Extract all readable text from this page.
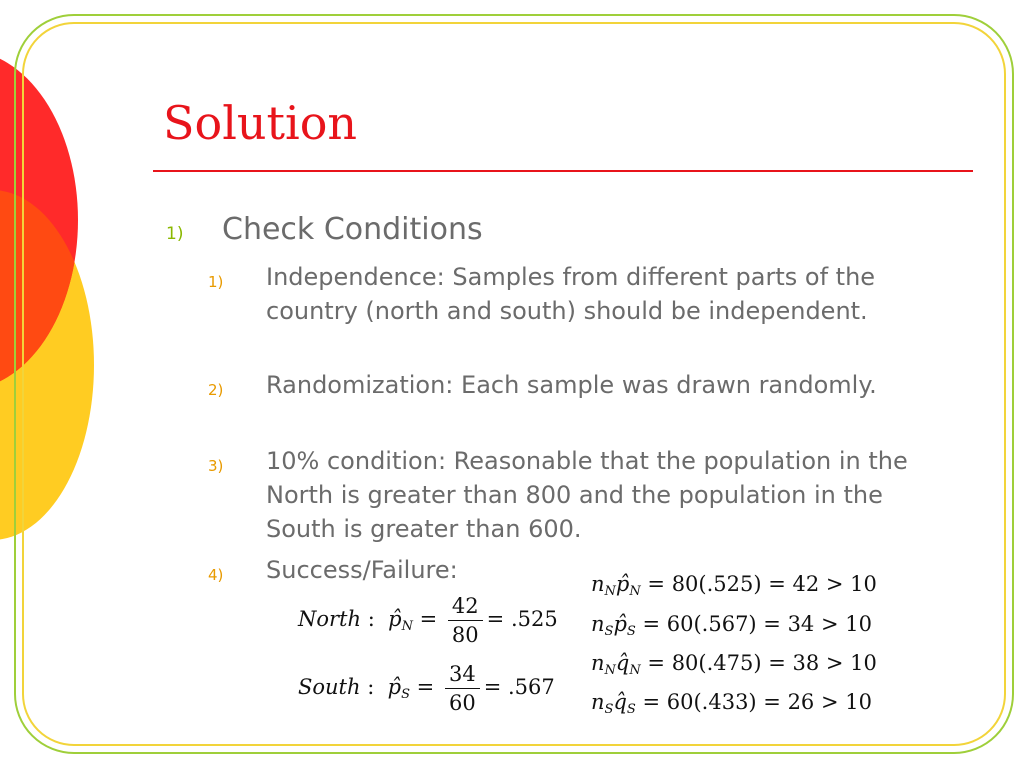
Solution
1) Check Conditions
1) Independence: Samples from different parts of the country (north and south) should be independent.
2) Randomization: Each sample was drawn randomly.
3) 10% condition: Reasonable that the population in the North is greater than 800 and the population in the South is greater than 600.
4) Success/Failure:
North :  $p̂_N = \frac{42}{80} = .525$
South :  $p̂_S = \frac{34}{60} = .567$
$n_Np̂_N = 80(.525) = 42 > 10$
$n_Sp̂_S = 60(.567) = 34 > 10$
$n_Nq̂_N = 80(.475) = 38 > 10$
$n_Sq̂_S = 60(.433) = 26 > 10$
